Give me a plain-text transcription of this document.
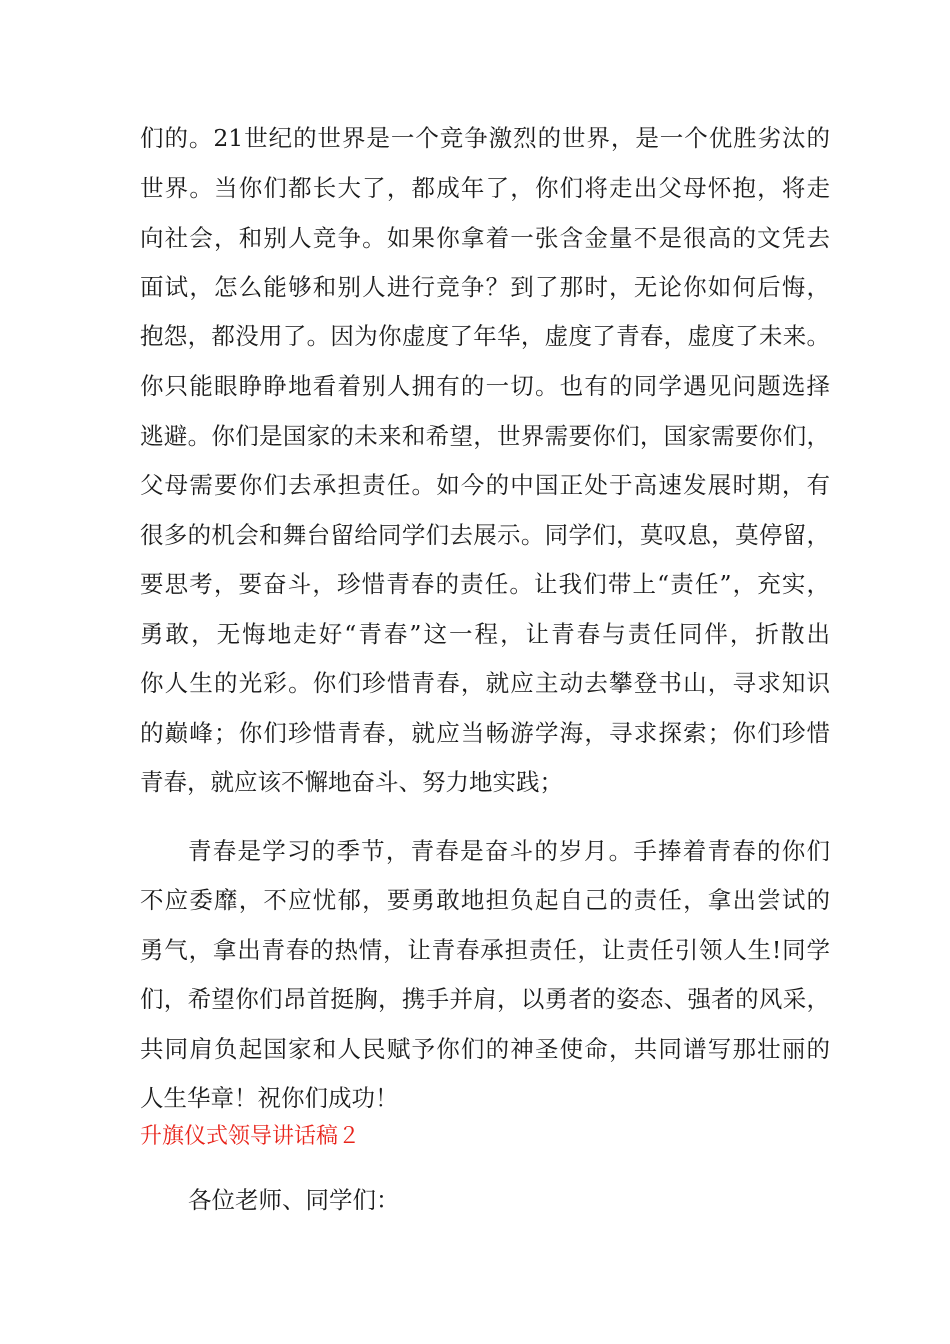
们的。21世纪的世界是一个竞争激烈的世界，是一个优胜劣汰的
世界。当你们都长大了，都成年了，你们将走出父母怀抱，将走
向社会，和别人竞争。如果你拿着一张含金量不是很高的文凭去
面试，怎么能够和别人进行竞争？到了那时，无论你如何后悔，
抱怨，都没用了。因为你虚度了年华，虚度了青春，虚度了未来。
你只能眼睁睁地看着别人拥有的一切。也有的同学遇见问题选择
逃避。你们是国家的未来和希望，世界需要你们，国家需要你们，
父母需要你们去承担责任。如今的中国正处于高速发展时期，有
很多的机会和舞台留给同学们去展示。同学们，莫叹息，莫停留，
要思考，要奋斗，珍惜青春的责任。让我们带上“责任”，充实，
勇敢，无悔地走好“青春”这一程，让青春与责任同伴，折散出
你人生的光彩。你们珍惜青春，就应主动去攀登书山，寻求知识
的巅峰；你们珍惜青春，就应当畅游学海，寻求探索；你们珍惜
青春，就应该不懈地奋斗、努力地实践；
青春是学习的季节，青春是奋斗的岁月。手捧着青春的你们
不应委靡，不应忧郁，要勇敢地担负起自己的责任，拿出尝试的
勇气，拿出青春的热情，让青春承担责任，让责任引领人生!同学
们，希望你们昂首挺胸，携手并肩，以勇者的姿态、强者的风采，
共同肩负起国家和人民赋予你们的神圣使命，共同谱写那壮丽的
人生华章！祝你们成功！
升旗仪式领导讲话稿２
各位老师、同学们：
